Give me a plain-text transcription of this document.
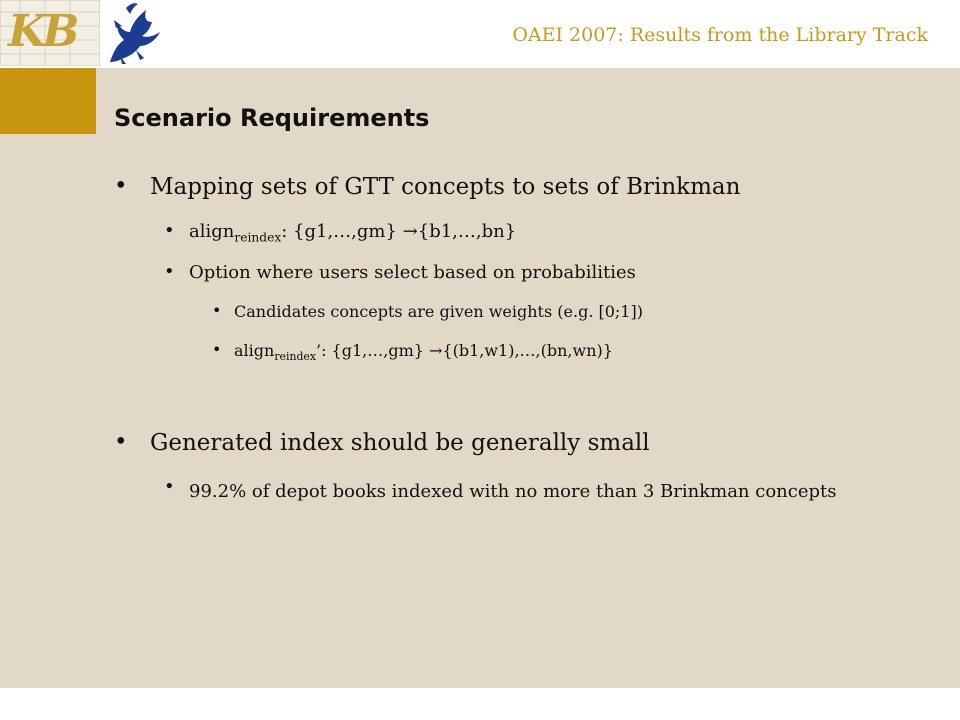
KB	OAEI 2007: Results from the Library Track
Scenario Requirements
• Mapping sets of GTT concepts to sets of Brinkman
• align$_{reindex}$: {g1,…,gm} →{b1,…,bn}
• Option where users select based on probabilities
• Candidates concepts are given weights (e.g. [0;1])
• align$_{reindex}$’: {g1,…,gm} →{(b1,w1),…,(bn,wn)}
• Generated index should be generally small
• 99.2% of depot books indexed with no more than 3 Brinkman concepts
